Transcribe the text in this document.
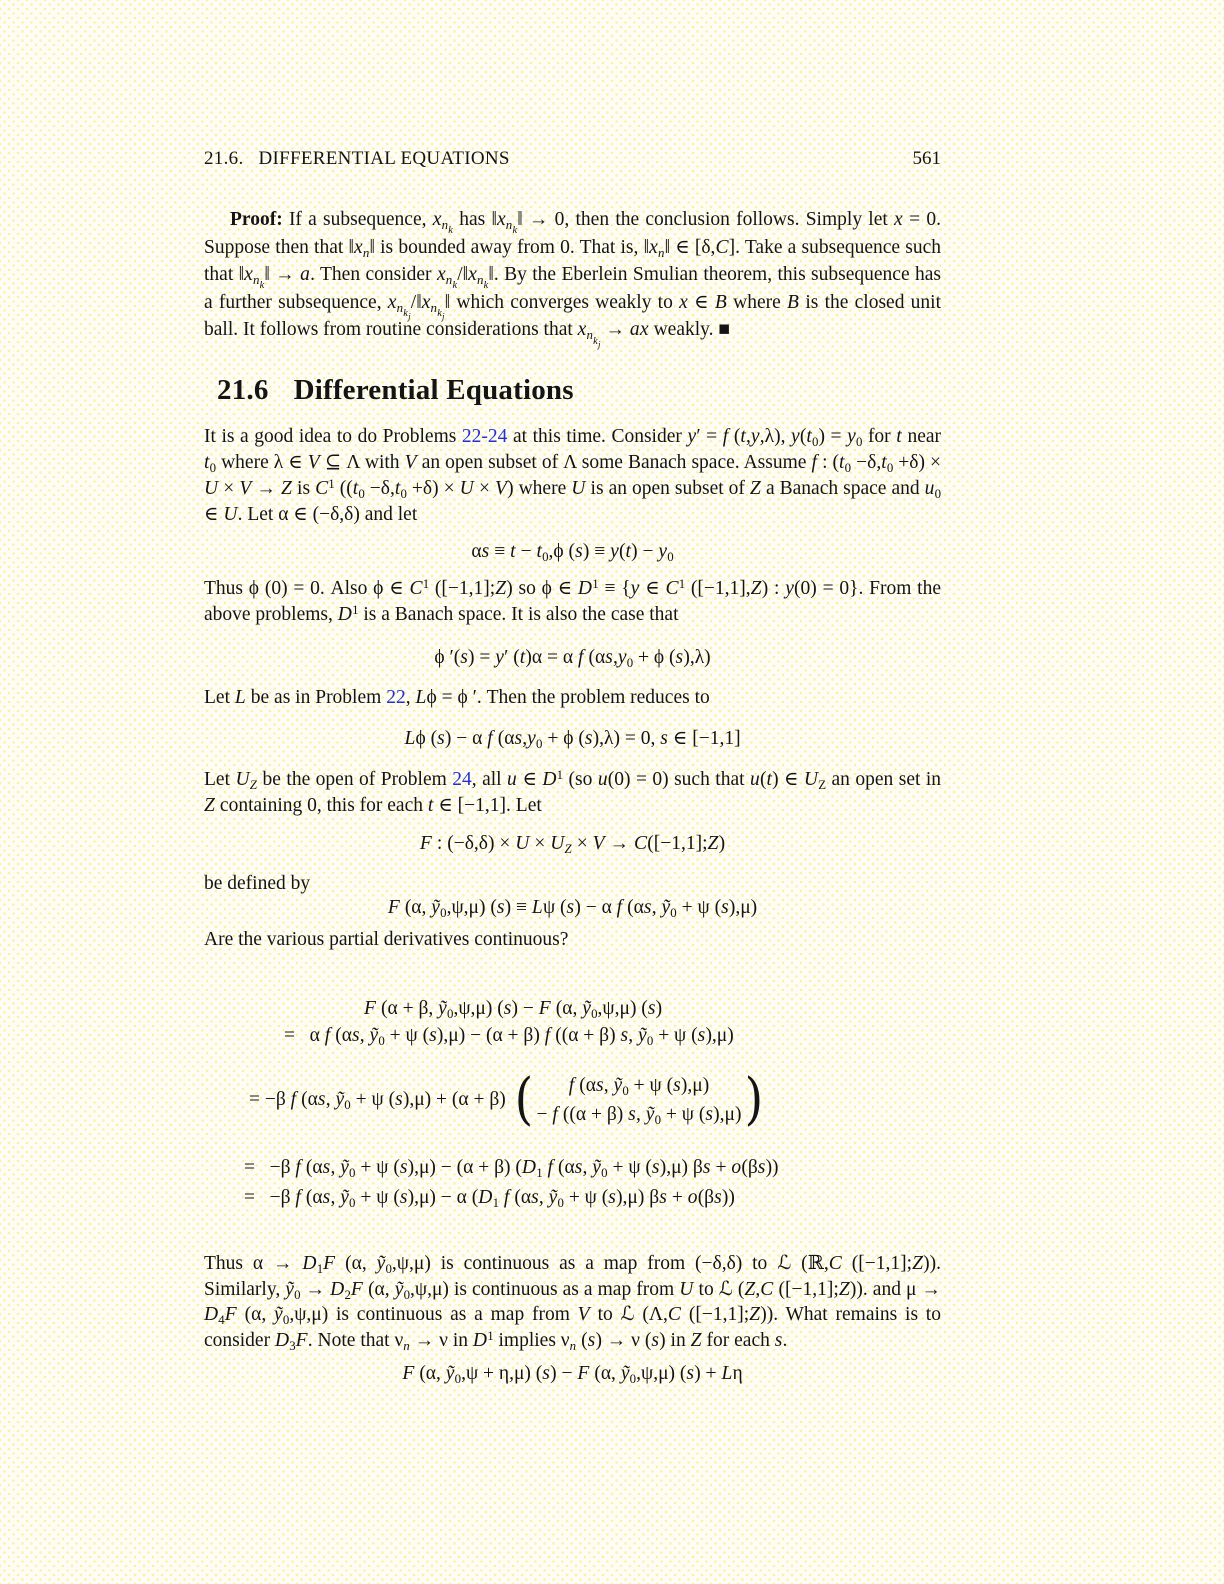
21.6. DIFFERENTIAL EQUATIONS	561

Proof: If a subsequence, $x_{n_k}$ has $‖x_{n_k}‖ \to 0$, then the conclusion follows. Simply let x = 0. Suppose then that $‖x_n‖$ is bounded away from 0. That is, $‖x_n‖$ ∈ [δ,C]. Take a subsequence such that $‖x_{n_k}‖ \to a$. Then consider $x_{n_k}/‖x_{n_k}‖$. By the Eberlein Smulian theorem, this subsequence has a further subsequence, $x_{n_{k_j}}/‖x_{n_{k_j}}‖$ which converges weakly to x ∈ B where B is the closed unit ball. It follows from routine considerations that $x_{n_{k_j}}$ → ax weakly. ■

21.6 Differential Equations

It is a good idea to do Problems 22-24 at this time. Consider y′ = f (t,y,λ), $y(t_0) = y_0$ for t near $t_0$ where λ ∈ V ⊆ Λ with V an open subset of Λ some Banach space. Assume f : $(t_0 -\delta,t_0 +\delta) \times U \times V \to Z$ is $C^1$ $((t_0 -\delta,t_0 +\delta) \times U \times V)$ where U is an open subset of Z a Banach space and $u_0$ ∈ U. Let α ∈ (−δ,δ) and let

$\alpha s \equiv t - t_0,\phi$ $(s) \equiv y(t) - y_0$

Thus ϕ (0) = 0. Also ϕ ∈ $C^1$ ([−1,1];Z) so ϕ ∈ $D^1 \equiv \{y$ ∈ $C^1$ ([−1,1],Z) : y(0) = 0}. From the above problems, $D^1$ is a Banach space. It is also the case that

ϕ ′(s) = y′ (t)α = α f ($\alpha s,y_0 + \phi$ (s),λ)

Let L be as in Problem 22, Lϕ = ϕ ′. Then the problem reduces to

Lϕ (s) − α f ($\alpha s,y_0 + \phi$ (s),λ) = 0, s ∈ [−1,1]

Let $U_Z$ be the open of Problem 24, all u ∈ $D^1$ (so u(0) = 0) such that u(t) ∈ $U_Z$ an open set in Z containing 0, this for each t ∈ [−1,1]. Let

F : $(-\delta,\delta) \times U \times U_Z \times V$ → C([−1,1];Z)

be defined by

F (α, ỹ$_0$,ψ,μ) (s) ≡ Lψ (s) − α f (αs, ỹ$_0$ + ψ (s),μ)

Are the various partial derivatives continuous?

F (α + β, ỹ$_0$,ψ,μ) (s) − F (α, ỹ$_0$,ψ,μ) (s)
=   α f (αs, ỹ$_0$ + ψ (s),μ) − (α + β) f ((α + β) s, ỹ$_0$ + ψ (s),μ)
= −β f (αs, ỹ$_0$ + ψ (s),μ) + (α + β) ( f (αs, ỹ$_0$ + ψ (s),μ)
− f ((α + β) s, ỹ$_0$ + ψ (s),μ) )
=   −β f (αs, ỹ$_0$ + ψ (s),μ) − (α + β) ($D_1$ f (αs, ỹ$_0$ + ψ (s),μ) βs + o(βs))
=   −β f (αs, ỹ$_0$ + ψ (s),μ) − α ($D_1$ f (αs, ỹ$_0$ + ψ (s),μ) βs + o(βs))

Thus $\alpha \to D_1F$ (α, ỹ$_0$,ψ,μ) is continuous as a map from (−δ,δ) to ℒ (ℝ,C ([−1,1];Z)). Similarly, ỹ$_0$ → $D_2F$ (α, ỹ$_0$,ψ,μ) is continuous as a map from U to ℒ (Z,C ([−1,1];Z)). and $\mu \to D_4F$ (α, ỹ$_0$,ψ,μ) is continuous as a map from V to ℒ (Λ,C ([−1,1];Z)). What remains is to consider $D_3F$. Note that $\nu_n \to \nu$ in $D^1$ implies $\nu_n$ (s) → ν (s) in Z for each s.

F (α, ỹ$_0$,ψ + η,μ) (s) − F (α, ỹ$_0$,ψ,μ) (s) + Lη
